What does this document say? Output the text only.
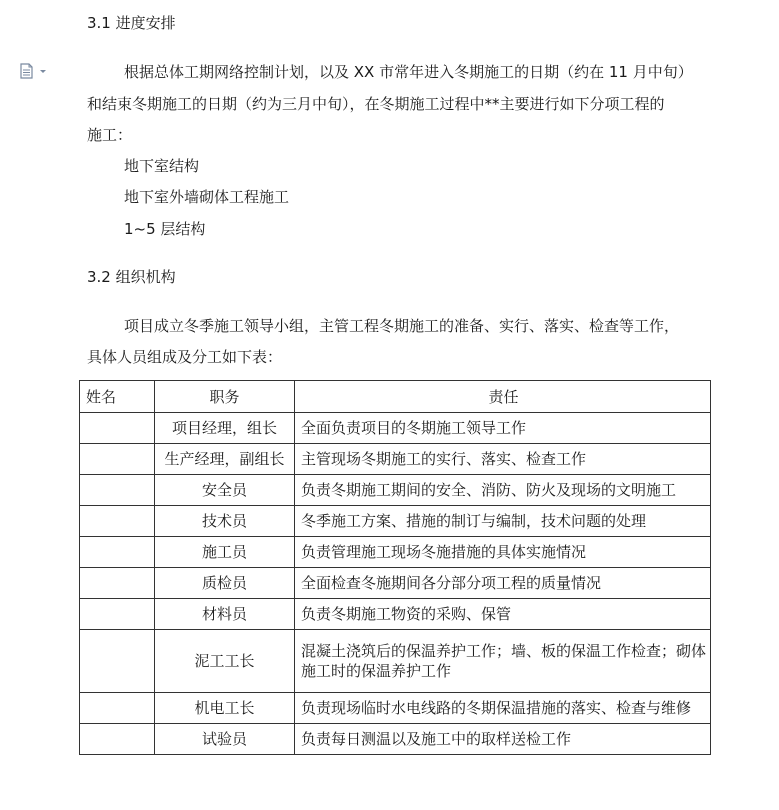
3.1 进度安排
根据总体工期网络控制计划，以及 XX 市常年进入冬期施工的日期（约在 11 月中旬）
和结束冬期施工的日期（约为三月中旬），在冬期施工过程中**主要进行如下分项工程的
施工：
地下室结构
地下室外墙砌体工程施工
1~5 层结构
3.2 组织机构
项目成立冬季施工领导小组，主管工程冬期施工的准备、实行、落实、检查等工作，
具体人员组成及分工如下表：
姓名	职务	责任
	项目经理，组长	全面负责项目的冬期施工领导工作
	生产经理，副组长	主管现场冬期施工的实行、落实、检查工作
	安全员	负责冬期施工期间的安全、消防、防火及现场的文明施工
	技术员	冬季施工方案、措施的制订与编制，技术问题的处理
	施工员	负责管理施工现场冬施措施的具体实施情况
	质检员	全面检查冬施期间各分部分项工程的质量情况
	材料员	负责冬期施工物资的采购、保管
	泥工工长	混凝土浇筑后的保温养护工作；墙、板的保温工作检查；砌体施工时的保温养护工作
	机电工长	负责现场临时水电线路的冬期保温措施的落实、检查与维修
	试验员	负责每日测温以及施工中的取样送检工作
